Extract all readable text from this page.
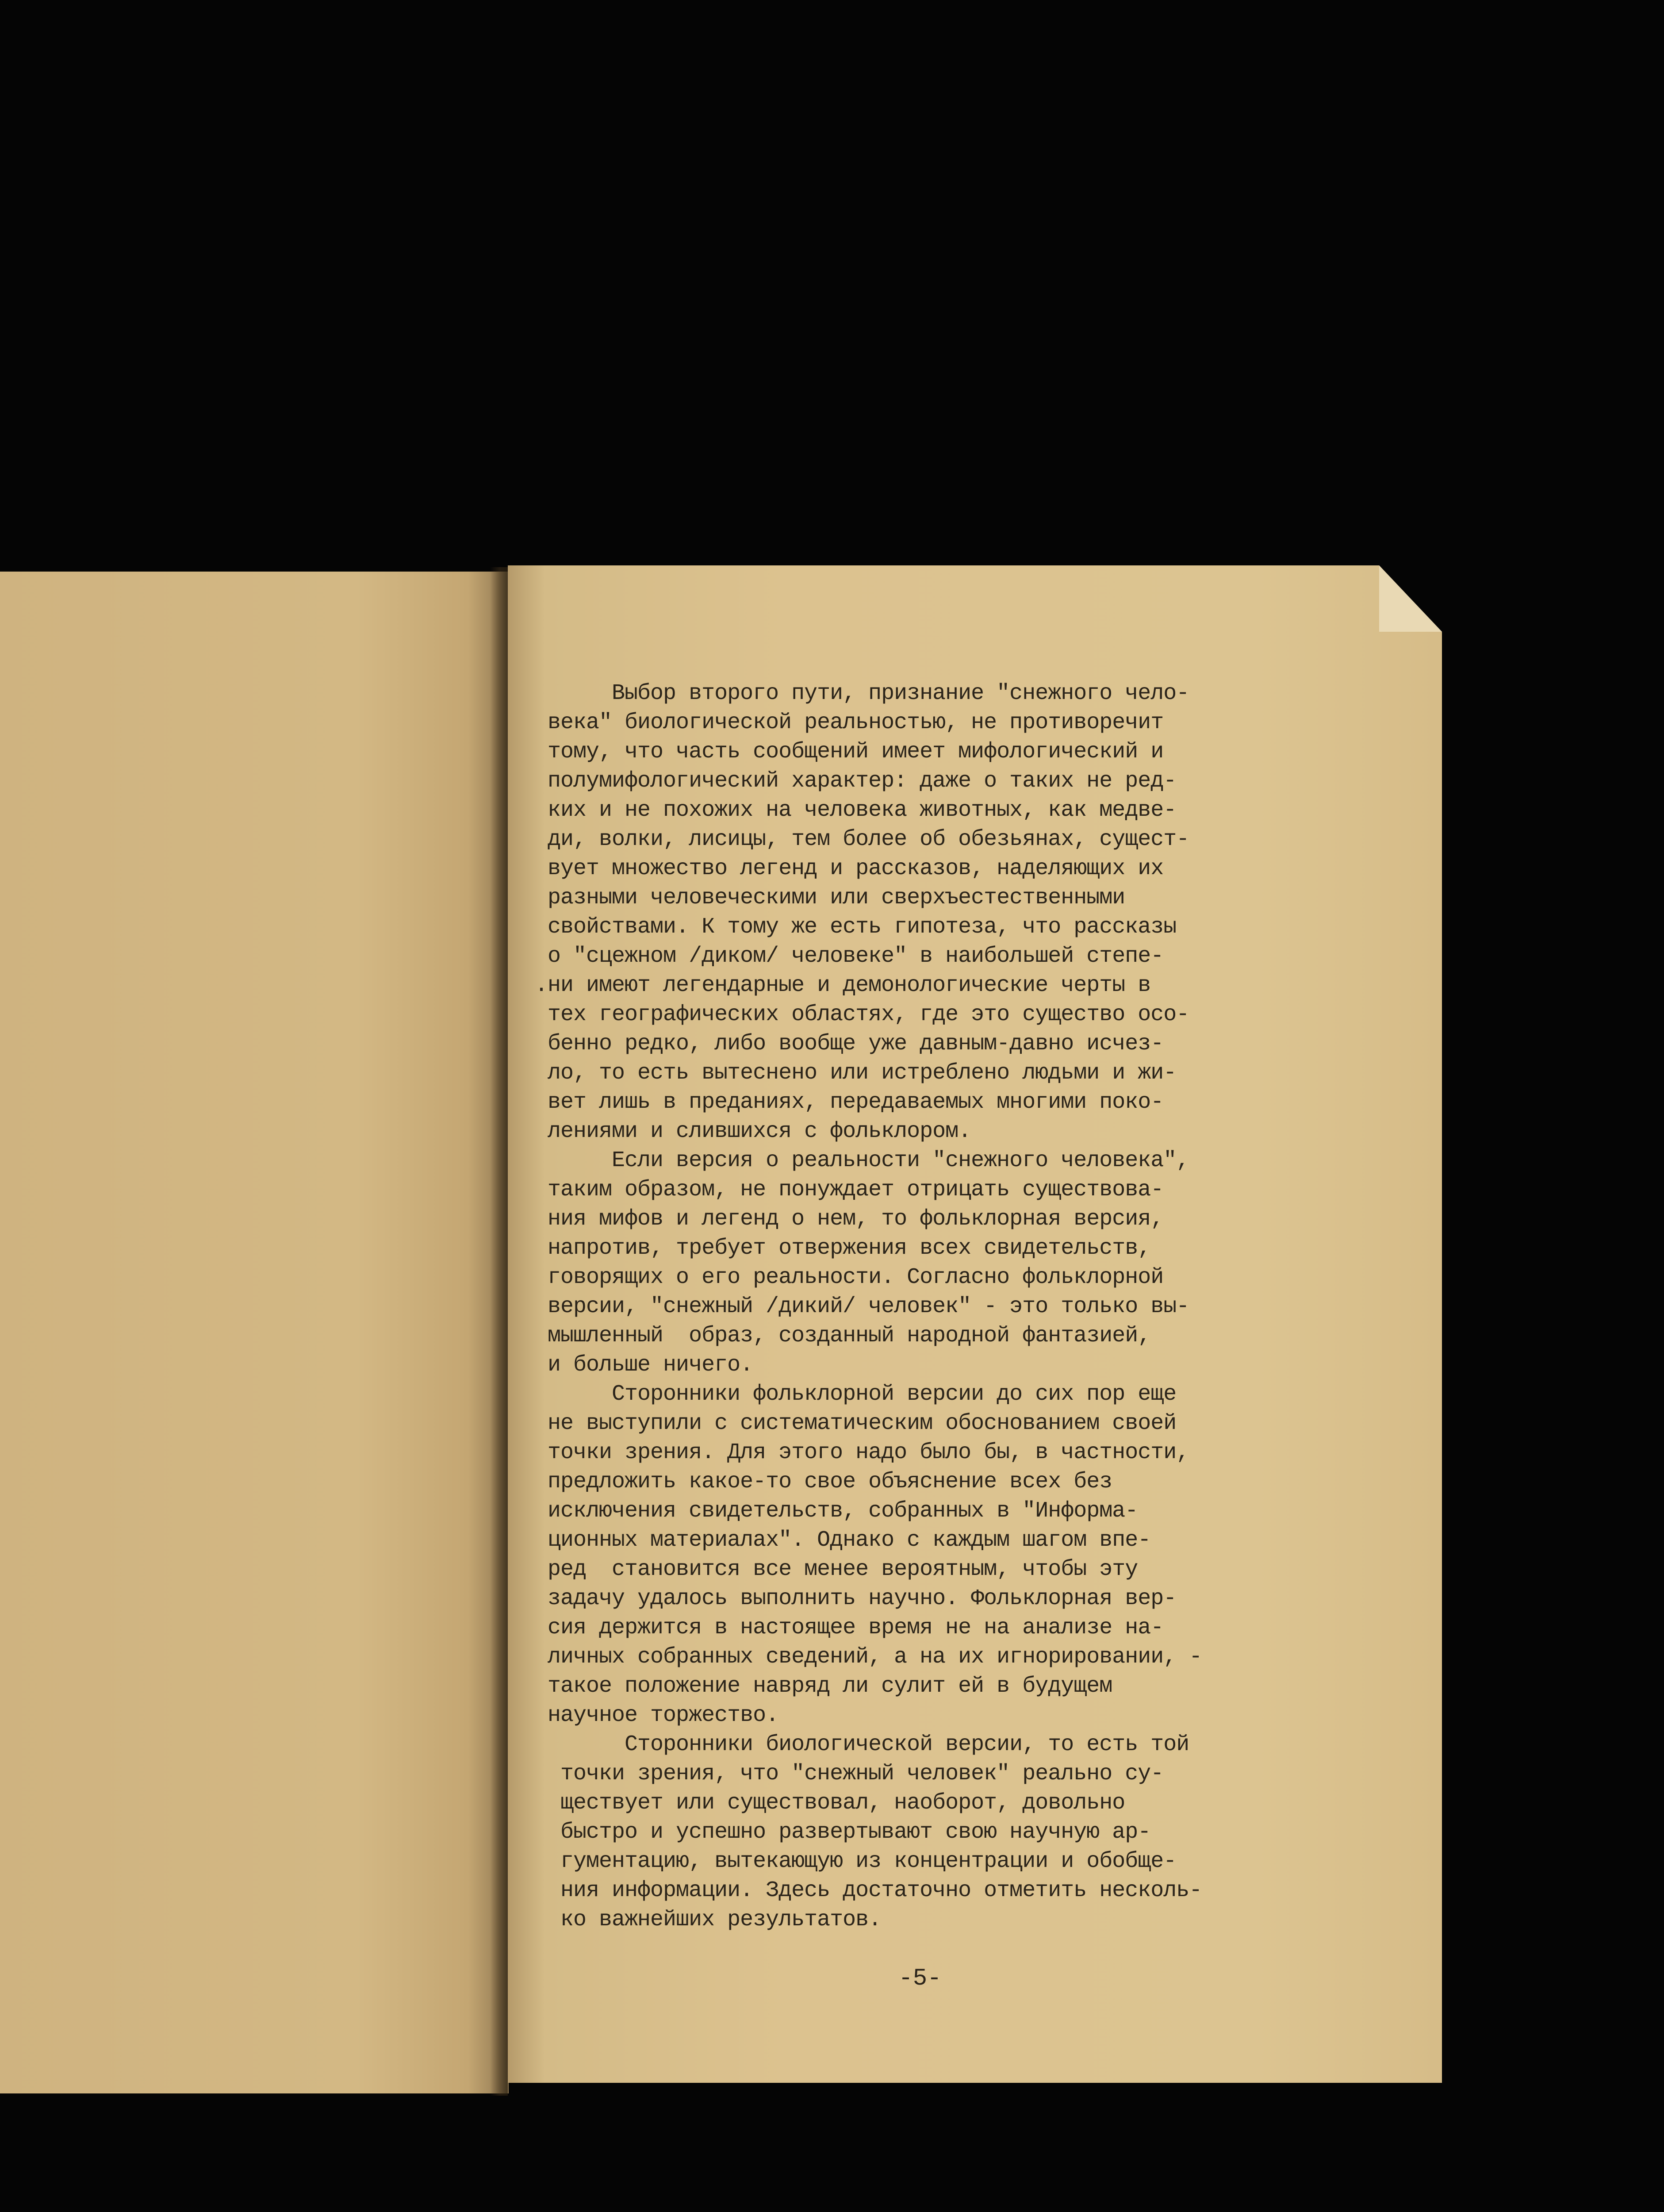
Выбор второго пути, признание "снежного чело-
века" биологической реальностью, не противоречит
тому, что часть сообщений имеет мифологический и
полумифологический характер: даже о таких не ред-
ких и не похожих на человека животных, как медве-
ди, волки, лисицы, тем более об обезьянах, сущест-
вует множество легенд и рассказов, наделяющих их
разными человеческими или сверхъестественными
свойствами. К тому же есть гипотеза, что рассказы
о "сцежном /диком/ человеке" в наибольшей степе-
.ни имеют легендарные и демонологические черты в
тех географических областях, где это существо осо-
бенно редко, либо вообще уже давным-давно исчез-
ло, то есть вытеснено или истреблено людьми и жи-
вет лишь в преданиях, передаваемых многими поко-
лениями и слившихся с фольклором.
Если версия о реальности "снежного человека",
таким образом, не понуждает отрицать существова-
ния мифов и легенд о нем, то фольклорная версия,
напротив, требует отвержения всех свидетельств,
говорящих о его реальности. Согласно фольклорной
версии, "снежный /дикий/ человек" - это только вы-
мышленный  образ, созданный народной фантазией,
и больше ничего.
Сторонники фольклорной версии до сих пор еще
не выступили с систематическим обоснованием своей
точки зрения. Для этого надо было бы, в частности,
предложить какое-то свое объяснение всех без
исключения свидетельств, собранных в "Информа-
ционных материалах". Однако с каждым шагом впе-
ред  становится все менее вероятным, чтобы эту
задачу удалось выполнить научно. Фольклорная вер-
сия держится в настоящее время не на анализе на-
личных собранных сведений, а на их игнорировании, -
такое положение навряд ли сулит ей в будущем
научное торжество.
Сторонники биологической версии, то есть той
точки зрения, что "снежный человек" реально су-
ществует или существовал, наоборот, довольно
быстро и успешно развертывают свою научную ар-
гументацию, вытекающую из концентрации и обобще-
ния информации. Здесь достаточно отметить несколь-
ко важнейших результатов.
-5-
